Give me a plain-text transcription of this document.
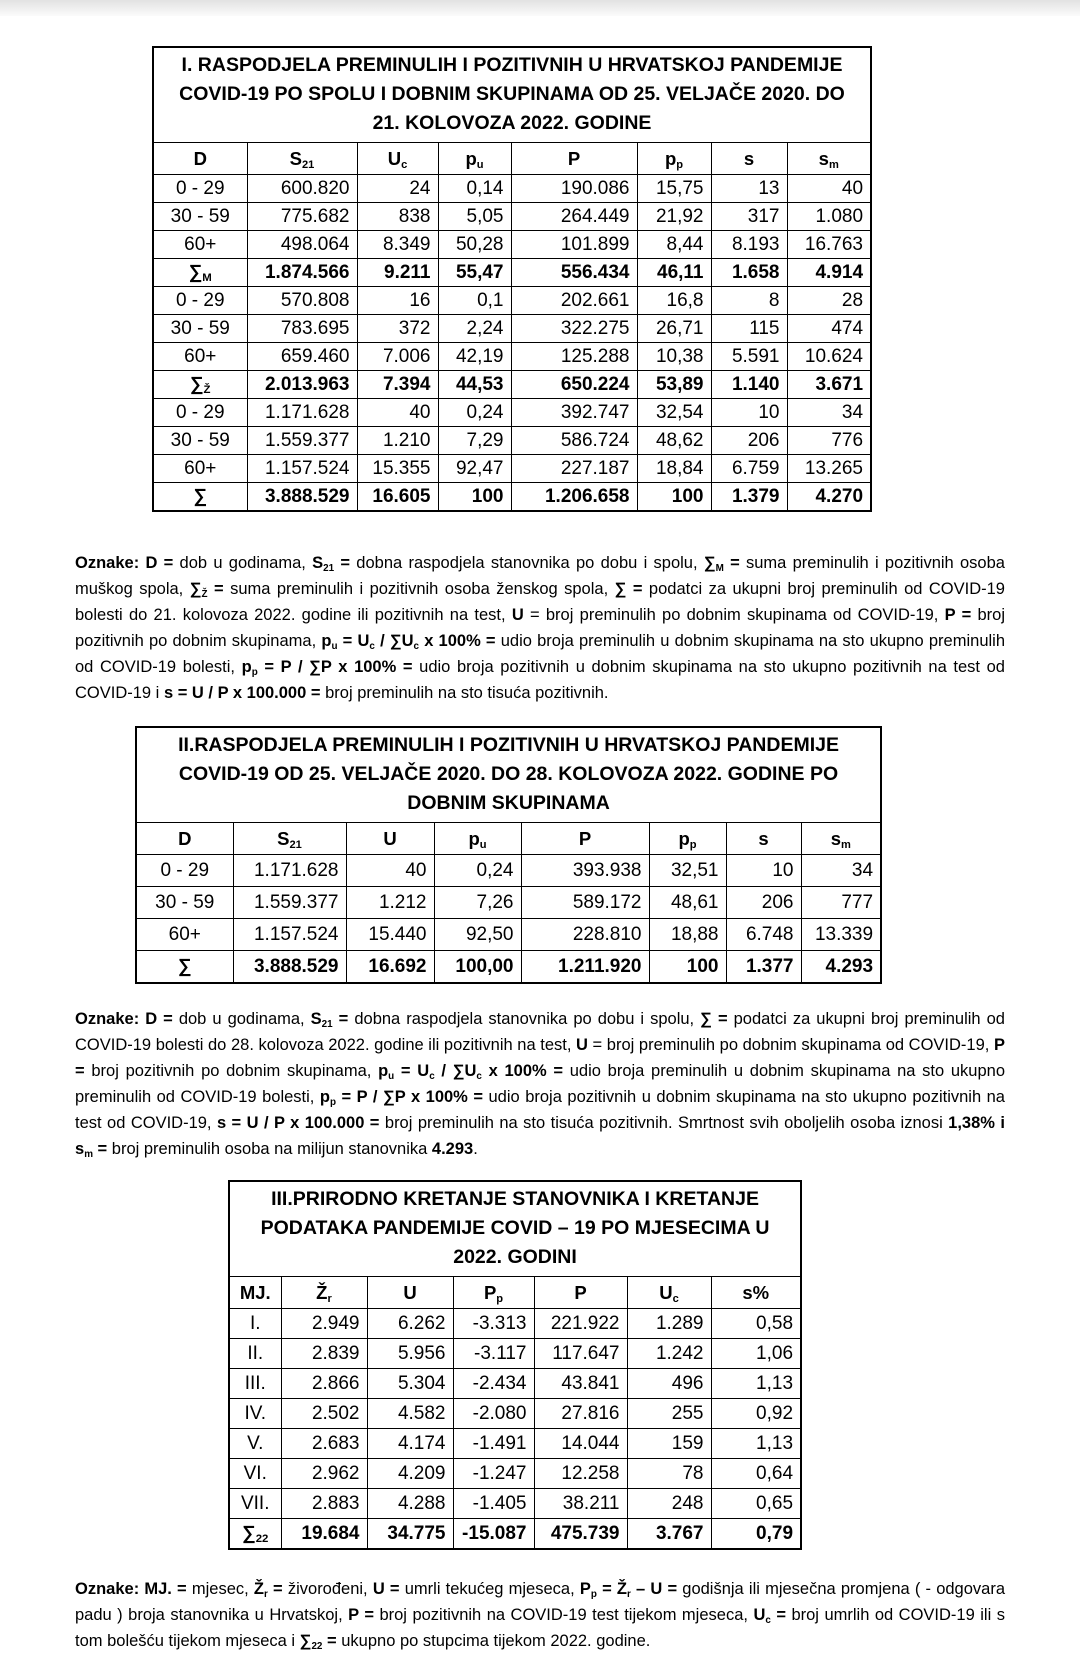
I. RASPODJELA PREMINULIH I POZITIVNIH U HRVATSKOJ PANDEMIJE COVID-19 PO SPOLU I DOBNIM SKUPINAMA OD 25. VELJAČE 2020. DO 21. KOLOVOZA 2022. GODINE							
D	$S_{21}$	$U_c$	$p_u$	P	$p_p$	s	$s_m$
0 - 29	600.820	24	0,14	190.086	15,75	13	40
30 - 59	775.682	838	5,05	264.449	21,92	317	1.080
60+	498.064	8.349	50,28	101.899	8,44	8.193	16.763
$\sum_M$	1.874.566	9.211	55,47	556.434	46,11	1.658	4.914
0 - 29	570.808	16	0,1	202.661	16,8	8	28
30 - 59	783.695	372	2,24	322.275	26,71	115	474
60+	659.460	7.006	42,19	125.288	10,38	5.591	10.624
$\sum_Ž$	2.013.963	7.394	44,53	650.224	53,89	1.140	3.671
0 - 29	1.171.628	40	0,24	392.747	32,54	10	34
30 - 59	1.559.377	1.210	7,29	586.724	48,62	206	776
60+	1.157.524	15.355	92,47	227.187	18,84	6.759	13.265
∑	3.888.529	16.605	100	1.206.658	100	1.379	4.270

Oznake: D = dob u godinama, $S_{21}$ = dobna raspodjela stanovnika po dobu i spolu, $\sum_M$ = suma preminulih i pozitivnih osoba muškog spola, $\sum_Ž$ = suma preminulih i pozitivnih osoba ženskog spola, ∑ = podatci za ukupni broj preminulih od COVID-19 bolesti do 21. kolovoza 2022. godine ili pozitivnih na test, U = broj preminulih po dobnim skupinama od COVID-19, P = broj pozitivnih po dobnim skupinama, $p_u = U_c / \sum U_c$ x 100% = udio broja preminulih u dobnim skupinama na sto ukupno preminulih od COVID-19 bolesti, $p_p = P / \sum P$ x 100% = udio broja pozitivnih u dobnim skupinama na sto ukupno pozitivnih na test od COVID-19 i s = U / P x 100.000 = broj preminulih na sto tisuća pozitivnih.

II.RASPODJELA PREMINULIH I POZITIVNIH U HRVATSKOJ PANDEMIJE COVID-19 OD 25. VELJAČE 2020. DO 28. KOLOVOZA 2022. GODINE PO DOBNIM SKUPINAMA							
D	$S_{21}$	U	$p_u$	P	$p_p$	s	$s_m$
0 - 29	1.171.628	40	0,24	393.938	32,51	10	34
30 - 59	1.559.377	1.212	7,26	589.172	48,61	206	777
60+	1.157.524	15.440	92,50	228.810	18,88	6.748	13.339
∑	3.888.529	16.692	100,00	1.211.920	100	1.377	4.293

Oznake: D = dob u godinama, $S_{21}$ = dobna raspodjela stanovnika po dobu i spolu, ∑ = podatci za ukupni broj preminulih od COVID-19 bolesti do 28. kolovoza 2022. godine ili pozitivnih na test, U = broj preminulih po dobnim skupinama od COVID-19, P = broj pozitivnih po dobnim skupinama, $p_u = U_c / \sum U_c$ x 100% = udio broja preminulih u dobnim skupinama na sto ukupno preminulih od COVID-19 bolesti, $p_p = P / \sum P$ x 100% = udio broja pozitivnih u dobnim skupinama na sto ukupno pozitivnih na test od COVID-19, s = U / P x 100.000 = broj preminulih na sto tisuća pozitivnih. Smrtnost svih oboljelih osoba iznosi 1,38% i $s_m$ = broj preminulih osoba na milijun stanovnika 4.293.

III.PRIRODNO KRETANJE STANOVNIKA I KRETANJE PODATAKA PANDEMIJE COVID – 19 PO MJESECIMA U 2022. GODINI						
MJ.	$Ž_r$	U	$P_p$	P	$U_c$	s%
I.	2.949	6.262	-3.313	221.922	1.289	0,58
II.	2.839	5.956	-3.117	117.647	1.242	1,06
III.	2.866	5.304	-2.434	43.841	496	1,13
IV.	2.502	4.582	-2.080	27.816	255	0,92
V.	2.683	4.174	-1.491	14.044	159	1,13
VI.	2.962	4.209	-1.247	12.258	78	0,64
VII.	2.883	4.288	-1.405	38.211	248	0,65
$\sum_{22}$	19.684	34.775	-15.087	475.739	3.767	0,79

Oznake: MJ. = mjesec, $Ž_r$ = živorođeni, U = umrli tekućeg mjeseca, $P_p$ = $Ž_r$ – U = godišnja ili mjesečna promjena ( - odgovara padu ) broja stanovnika u Hrvatskoj, P = broj pozitivnih na COVID-19 test tijekom mjeseca, $U_c$ = broj umrlih od COVID-19 ili s tom bolešću tijekom mjeseca i $\sum_{22}$ = ukupno po stupcima tijekom 2022. godine.
